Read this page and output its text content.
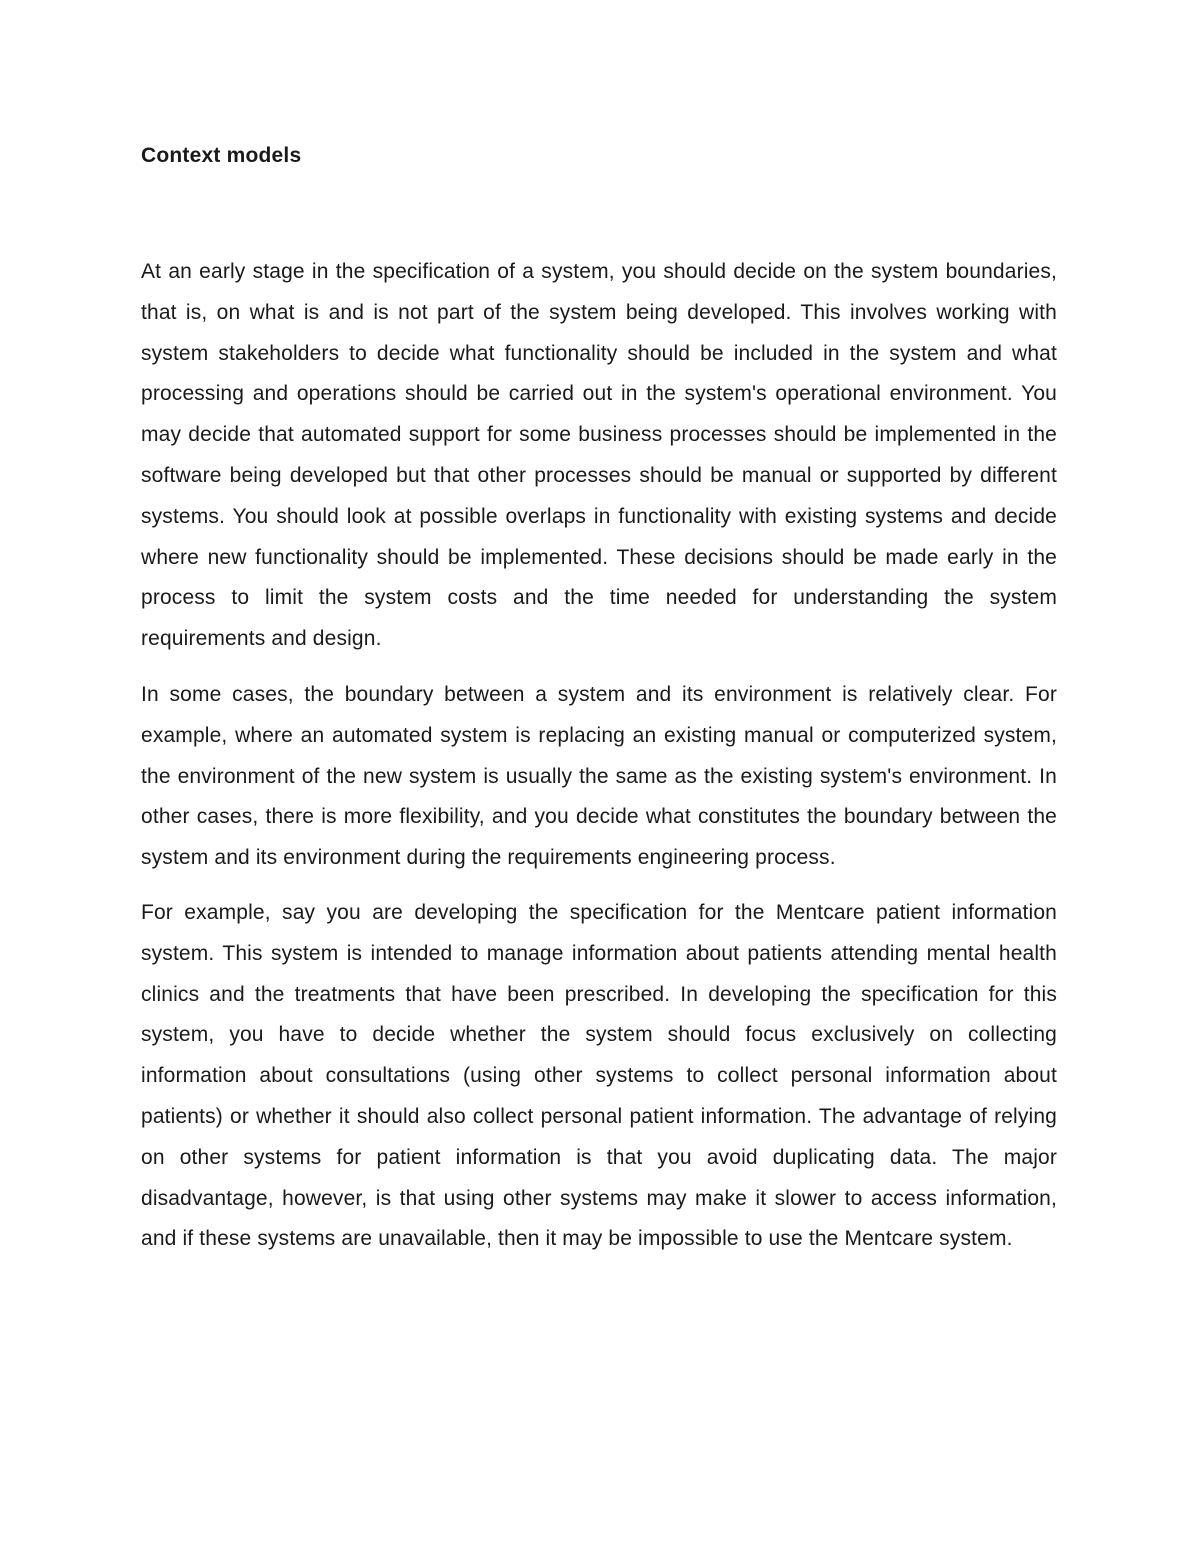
Context models

At an early stage in the specification of a system, you should decide on the system boundaries, that is, on what is and is not part of the system being developed. This involves working with system stakeholders to decide what functionality should be included in the system and what processing and operations should be carried out in the system's operational environment. You may decide that automated support for some business processes should be implemented in the software being developed but that other processes should be manual or supported by different systems. You should look at possible overlaps in functionality with existing systems and decide where new functionality should be implemented. These decisions should be made early in the process to limit the system costs and the time needed for understanding the system requirements and design.

In some cases, the boundary between a system and its environment is relatively clear. For example, where an automated system is replacing an existing manual or computerized system, the environment of the new system is usually the same as the existing system's environment. In other cases, there is more flexibility, and you decide what constitutes the boundary between the system and its environment during the requirements engineering process.

For example, say you are developing the specification for the Mentcare patient information system. This system is intended to manage information about patients attending mental health clinics and the treatments that have been prescribed. In developing the specification for this system, you have to decide whether the system should focus exclusively on collecting information about consultations (using other systems to collect personal information about patients) or whether it should also collect personal patient information. The advantage of relying on other systems for patient information is that you avoid duplicating data. The major disadvantage, however, is that using other systems may make it slower to access information, and if these systems are unavailable, then it may be impossible to use the Mentcare system.
